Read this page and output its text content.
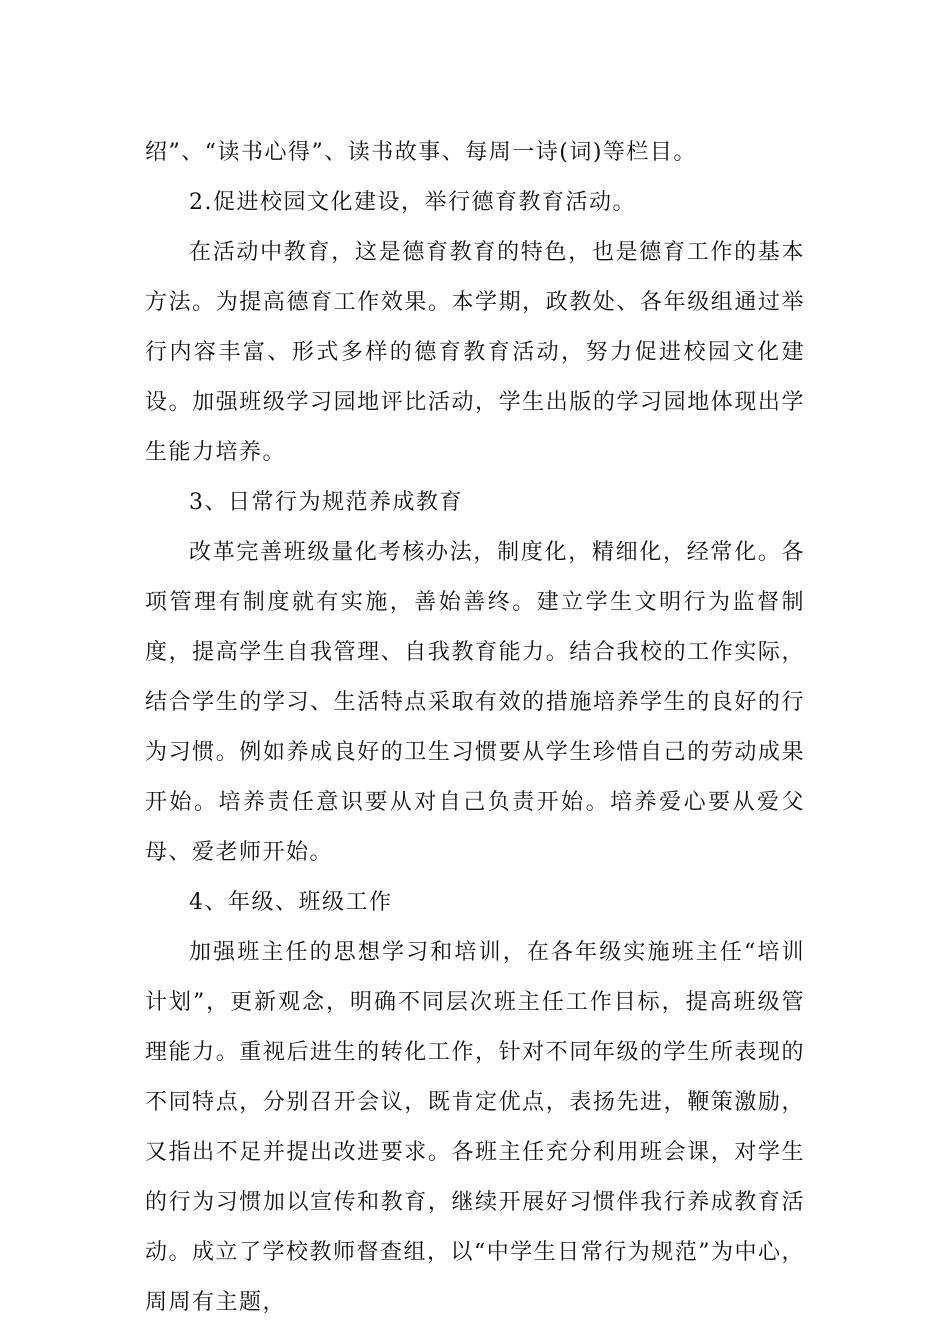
绍”、“读书心得”、读书故事、每周一诗(词)等栏目。

2.促进校园文化建设，举行德育教育活动。

在活动中教育，这是德育教育的特色，也是德育工作的基本方法。为提高德育工作效果。本学期，政教处、各年级组通过举行内容丰富、形式多样的德育教育活动，努力促进校园文化建设。加强班级学习园地评比活动，学生出版的学习园地体现出学生能力培养。

3、日常行为规范养成教育

改革完善班级量化考核办法，制度化，精细化，经常化。各项管理有制度就有实施，善始善终。建立学生文明行为监督制度，提高学生自我管理、自我教育能力。结合我校的工作实际，结合学生的学习、生活特点采取有效的措施培养学生的良好的行为习惯。例如养成良好的卫生习惯要从学生珍惜自己的劳动成果开始。培养责任意识要从对自己负责开始。培养爱心要从爱父母、爱老师开始。

4、年级、班级工作

加强班主任的思想学习和培训，在各年级实施班主任“培训计划”，更新观念，明确不同层次班主任工作目标，提高班级管理能力。重视后进生的转化工作，针对不同年级的学生所表现的不同特点，分别召开会议，既肯定优点，表扬先进，鞭策激励，又指出不足并提出改进要求。各班主任充分利用班会课，对学生的行为习惯加以宣传和教育，继续开展好习惯伴我行养成教育活动。成立了学校教师督查组，以“中学生日常行为规范”为中心，周周有主题，
